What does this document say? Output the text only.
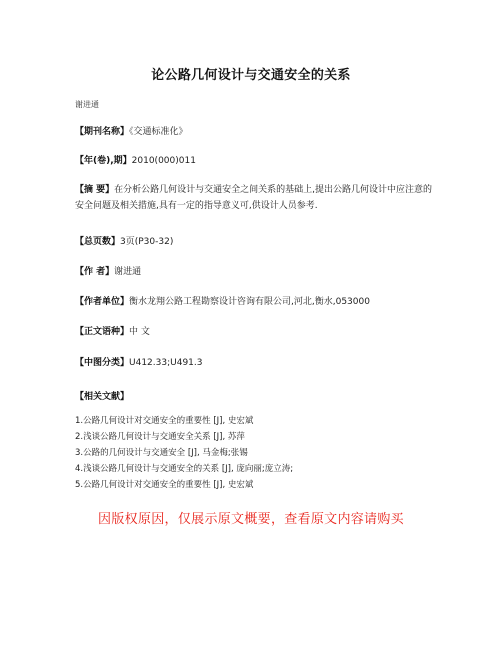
论公路几何设计与交通安全的关系
谢进通
【期刊名称】《交通标准化》
【年(卷),期】2010(000)011
【摘 要】在分析公路几何设计与交通安全之间关系的基础上,提出公路几何设计中应注意的安全问题及相关措施,具有一定的指导意义可,供设计人员参考.
【总页数】3页(P30-32)
【作 者】谢进通
【作者单位】衡水龙翔公路工程勘察设计咨询有限公司,河北,衡水,053000
【正文语种】中 文
【中图分类】U412.33;U491.3
【相关文献】
1.公路几何设计对交通安全的重要性 [J], 史宏斌
2.浅谈公路几何设计与交通安全关系 [J], 苏萍
3.公路的几何设计与交通安全 [J], 马金梅;张锡
4.浅谈公路几何设计与交通安全的关系 [J], 庞向丽;庞立涛;
5.公路几何设计对交通安全的重要性 [J], 史宏斌
因版权原因，仅展示原文概要，查看原文内容请购买
